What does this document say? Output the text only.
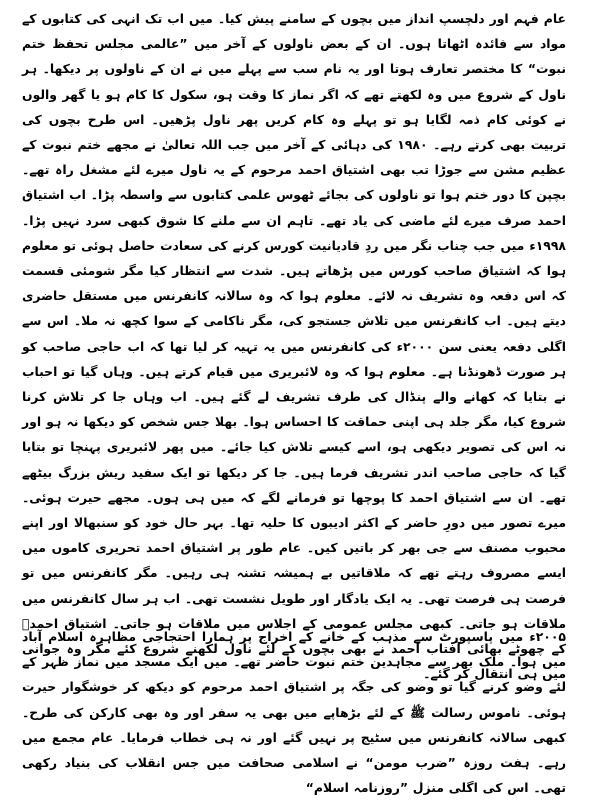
عام فہم اور دلچسپ انداز میں بچوں کے سامنے پیش کیا۔ میں اب تک انہی کی کتابوں کے مواد سے فائدہ اٹھاتا ہوں۔ ان کے بعض ناولوں کے آخر میں ”عالمی مجلس تحفظ ختم نبوت“ کا مختصر تعارف ہوتا اور یہ نام سب سے پہلے میں نے ان کے ناولوں پر دیکھا۔ ہر ناول کے شروع میں وہ لکھتے تھے کہ اگر نماز کا وقت ہو، سکول کا کام ہو یا گھر والوں نے کوئی کام ذمہ لگایا ہو تو پہلے وہ کام کریں پھر ناول پڑھیں۔ اس طرح بچوں کی تربیت بھی کرتے رہے۔ ۱۹۸۰ کی دہائی کے آخر میں جب اللہ تعالیٰ نے مجھے ختم نبوت کے عظیم مشن سے جوڑا تب بھی اشتیاق احمد مرحوم کے یہ ناول میرے لئے مشغل راہ تھے۔ بچپن کا دور ختم ہوا تو ناولوں کی بجائے ٹھوس علمی کتابوں سے واسطہ پڑا۔ اب اشتیاق احمد صرف میرے لئے ماضی کی یاد تھے۔ تاہم ان سے ملنے کا شوق کبھی سرد نہیں پڑا۔ ۱۹۹۸ء میں جب چناب نگر میں ردِ قادیانیت کورس کرنے کی سعادت حاصل ہوئی تو معلوم ہوا کہ اشتیاق صاحب کورس میں پڑھاتے ہیں۔ شدت سے انتظار کیا مگر شومئی قسمت کہ اس دفعہ وہ تشریف نہ لائے۔ معلوم ہوا کہ وہ سالانہ کانفرنس میں مستقل حاضری دیتے ہیں۔ اب کانفرنس میں تلاش جستجو کی، مگر ناکامی کے سوا کچھ نہ ملا۔ اس سے اگلی دفعہ یعنی سن ۲۰۰۰ء کی کانفرنس میں یہ تہیہ کر لیا تھا کہ اب حاجی صاحب کو ہر صورت ڈھونڈنا ہے۔ معلوم ہوا کہ وہ لائبریری میں قیام کرتے ہیں۔ وہاں گیا تو احباب نے بتایا کہ کھانے والے پنڈال کی طرف تشریف لے گئے ہیں۔ اب وہاں جا کر تلاش کرنا شروع کیا، مگر جلد ہی اپنی حماقت کا احساس ہوا۔ بھلا جس شخص کو دیکھا نہ ہو اور نہ اس کی تصویر دیکھی ہو، اسے کیسے تلاش کیا جائے۔ میں پھر لائبریری پہنچا تو بتایا گیا کہ حاجی صاحب اندر تشریف فرما ہیں۔ جا کر دیکھا تو ایک سفید ریش بزرگ بیٹھے تھے۔ ان سے اشتیاق احمد کا پوچھا تو فرمانے لگے کہ میں ہی ہوں۔ مجھے حیرت ہوئی۔ میرے تصور میں دورِ حاضر کے اکثر ادیبوں کا حلیہ تھا۔ بہر حال خود کو سنبھالا اور اپنے محبوب مصنف سے جی بھر کر باتیں کیں۔ عام طور پر اشتیاق احمد تحریری کاموں میں ایسے مصروف رہتے تھے کہ ملاقاتیں بے ہمیشہ تشنہ ہی رہیں۔ مگر کانفرنس میں تو فرصت ہی فرصت تھی۔ یہ ایک یادگار اور طویل نشست تھی۔ اب ہر سال کانفرنس میں ملاقات ہو جاتی۔ کبھی مجلس عمومی کے اجلاس میں ملاقات ہو جاتی۔ اشتیاق احمدؒ کے چھوٹے بھائی آفتاب احمد نے بھی بچوں کے لئے ناول لکھنے شروع کئے مگر وہ جوانی میں ہی انتقال کر گئے۔
۲۰۰۵ء میں پاسپورٹ سے مذہب کے خانے کے اخراج پر ہمارا احتجاجی مظاہرہ اسلام آباد میں ہوا۔ ملک بھر سے مجاہدین ختم نبوت حاضر تھے۔ میں ایک مسجد میں نماز ظہر کے لئے وضو کرنے گیا تو وضو کی جگہ پر اشتیاق احمد مرحوم کو دیکھ کر خوشگوار حیرت ہوئی۔ ناموس رسالت ﷺ کے لئے بڑھاپے میں بھی یہ سفر اور وہ بھی کارکن کی طرح۔ کبھی سالانہ کانفرنس میں سٹیج پر نہیں گئے اور نہ ہی خطاب فرمایا۔ عام مجمع میں رہے۔ ہفت روزہ ”ضرب مومن“ نے اسلامی صحافت میں جس انقلاب کی بنیاد رکھی تھی۔ اس کی اگلی منزل ”روزنامہ اسلام“
